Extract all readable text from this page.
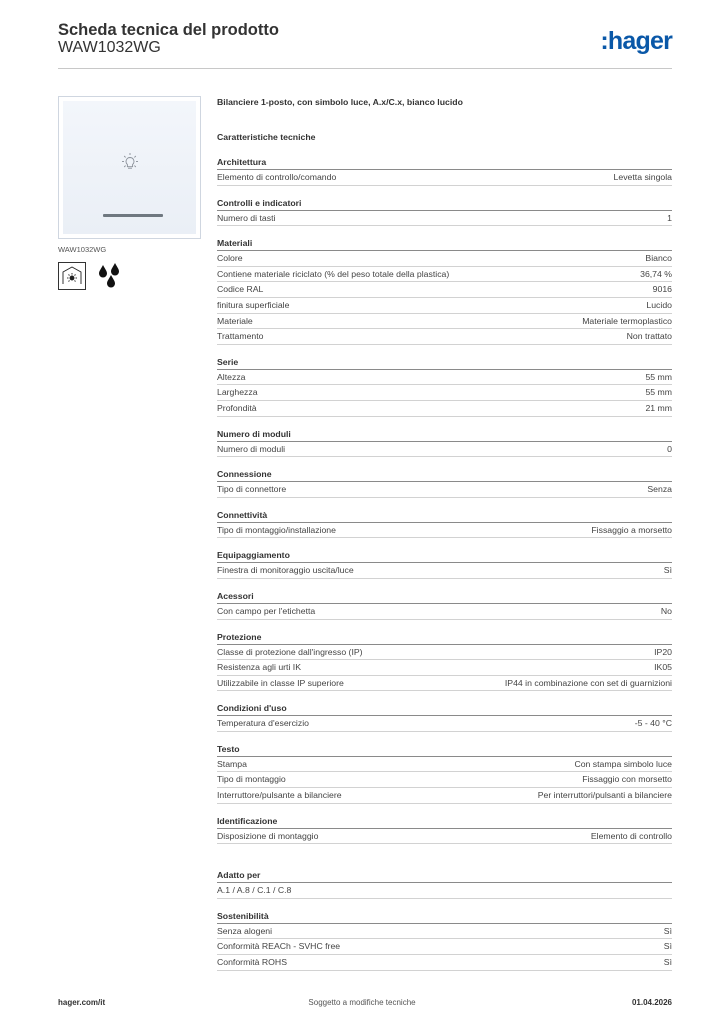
Scheda tecnica del prodotto
WAW1032WG	:hager
WAW1032WG
Bilanciere 1-posto, con simbolo luce, A.x/C.x, bianco lucido
Caratteristiche tecniche
Architettura
Elemento di controllo/comando	Levetta singola
Controlli e indicatori
Numero di tasti	1
Materiali
Colore	Bianco
Contiene materiale riciclato (% del peso totale della plastica)	36,74 %
Codice RAL	9016
finitura superficiale	Lucido
Materiale	Materiale termoplastico
Trattamento	Non trattato
Serie
Altezza	55 mm
Larghezza	55 mm
Profondità	21 mm
Numero di moduli
Numero di moduli	0
Connessione
Tipo di connettore	Senza
Connettività
Tipo di montaggio/installazione	Fissaggio a morsetto
Equipaggiamento
Finestra di monitoraggio uscita/luce	Sì
Acessori
Con campo per l'etichetta	No
Protezione
Classe di protezione dall'ingresso (IP)	IP20
Resistenza agli urti IK	IK05
Utilizzabile in classe IP superiore	IP44 in combinazione con set di guarnizioni
Condizioni d'uso
Temperatura d'esercizio	-5 - 40 °C
Testo
Stampa	Con stampa simbolo luce
Tipo di montaggio	Fissaggio con morsetto
Interruttore/pulsante a bilanciere	Per interruttori/pulsanti a bilanciere
Identificazione
Disposizione di montaggio	Elemento di controllo
Adatto per
A.1 / A.8 / C.1 / C.8
Sostenibilità
Senza alogeni	Sì
Conformità REACh - SVHC free	Sì
Conformità ROHS	Sì
hager.com/it	Soggetto a modifiche tecniche	01.04.2026
